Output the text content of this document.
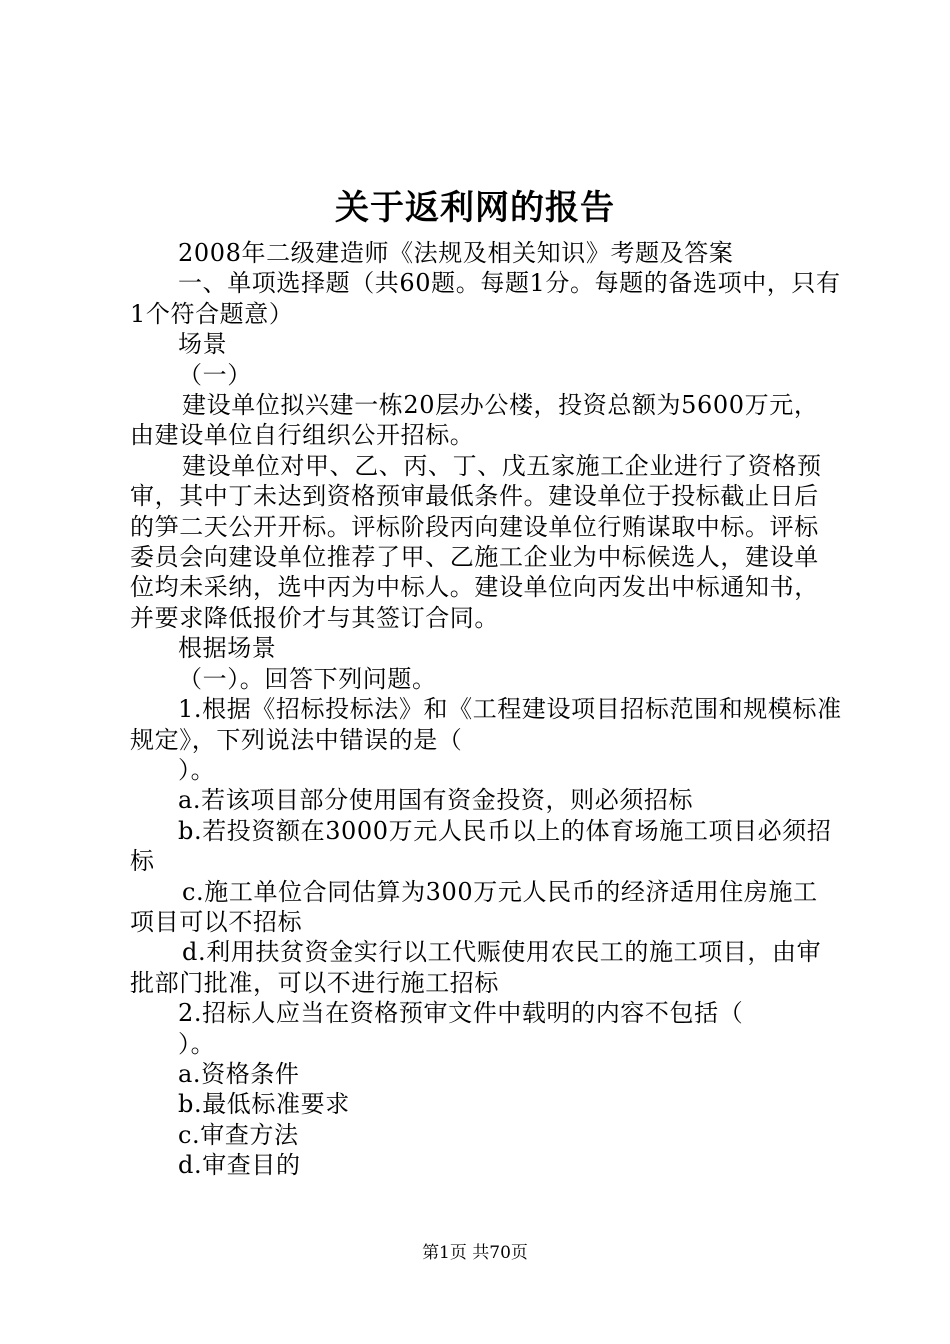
关于返利网的报告

2008年二级建造师《法规及相关知识》考题及答案

一、单项选择题（共60题。每题1分。每题的备选项中，只有1个符合题意）

场景

（一）

建设单位拟兴建一栋20层办公楼，投资总额为5600万元，由建设单位自行组织公开招标。

建设单位对甲、乙、丙、丁、戊五家施工企业进行了资格预审，其中丁未达到资格预审最低条件。建设单位于投标截止日后的笋二天公开开标。评标阶段丙向建设单位行贿谋取中标。评标委员会向建设单位推荐了甲、乙施工企业为中标候选人，建设单位均未采纳，选中丙为中标人。建设单位向丙发出中标通知书，并要求降低报价才与其签订合同。

根据场景

（一）。回答下列问题。

1.根据《招标投标法》和《工程建设项目招标范围和规模标准规定》，下列说法中错误的是（

）。

a.若该项目部分使用国有资金投资，则必须招标

b.若投资额在3000万元人民币以上的体育场施工项目必须招标

c.施工单位合同估算为300万元人民币的经济适用住房施工项目可以不招标

d.利用扶贫资金实行以工代赈使用农民工的施工项目，由审批部门批准，可以不进行施工招标

2.招标人应当在资格预审文件中载明的内容不包括（

）。

a.资格条件

b.最低标准要求

c.审查方法

d.审查目的

第1页 共70页
